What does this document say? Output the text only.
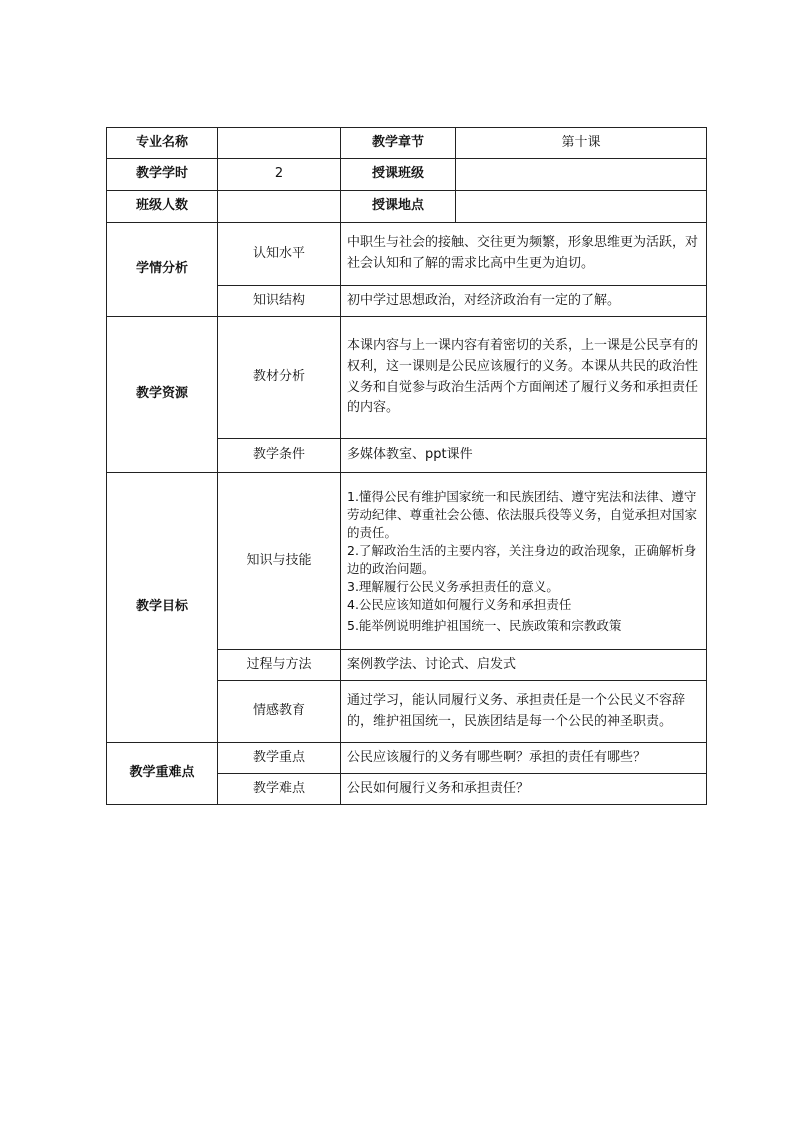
专业名称		教学章节	第十课
教学学时	2	授课班级	
班级人数		授课地点	
学情分析	认知水平	中职生与社会的接触、交往更为频繁，形象思维更为活跃，对社会认知和了解的需求比高中生更为迫切。	
	知识结构	初中学过思想政治，对经济政治有一定的了解。	
教学资源	教材分析	本课内容与上一课内容有着密切的关系，上一课是公民享有的权利，这一课则是公民应该履行的义务。本课从共民的政治性义务和自觉参与政治生活两个方面阐述了履行义务和承担责任的内容。	
	教学条件	多媒体教室、ppt课件	
教学目标	知识与技能	1.懂得公民有维护国家统一和民族团结、遵守宪法和法律、遵守劳动纪律、尊重社会公德、依法服兵役等义务，自觉承担对国家的责任。
2.了解政治生活的主要内容，关注身边的政治现象，正确解析身边的政治问题。
3.理解履行公民义务承担责任的意义。
4.公民应该知道如何履行义务和承担责任
5.能举例说明维护祖国统一、民族政策和宗教政策	

	过程与方法	案例教学法、讨论式、启发式	
	情感教育	通过学习，能认同履行义务、承担责任是一个公民义不容辞的，维护祖国统一，民族团结是每一个公民的神圣职责。	
教学重难点	教学重点	公民应该履行的义务有哪些啊？承担的责任有哪些？	
	教学难点	公民如何履行义务和承担责任？	
